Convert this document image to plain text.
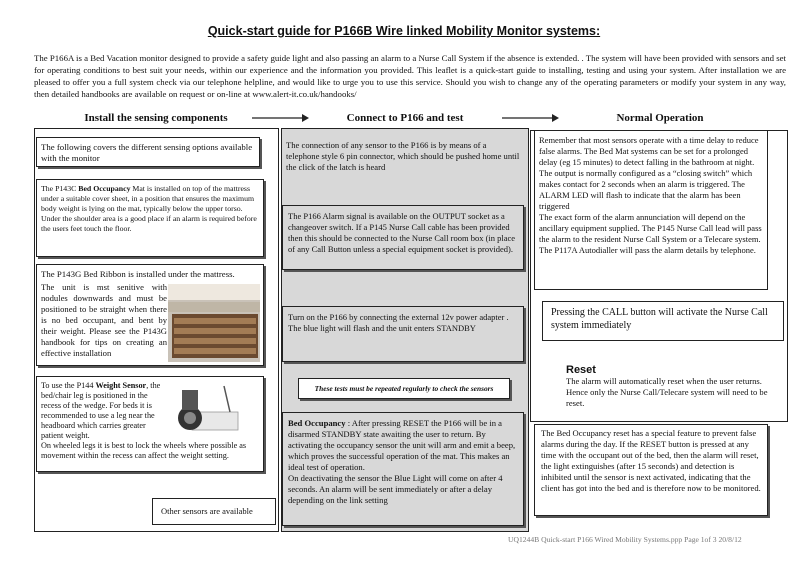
Quick-start guide for P166B Wire linked Mobility Monitor systems:
The P166A is a Bed Vacation monitor designed to provide a safety guide light and also passing an alarm to a Nurse Call System if the absence is extended. . The system will have been provided with sensors and set for operating conditions to best suit your needs, within our experience and the information you provided. This leaflet is a quick-start guide to installing, testing and using your system. After installation we are pleased to offer you a full system check via our telephone helpline, and would like to urge you to use this service. Should you wish to change any of the operating parameters or modify your system in any way, then detailed handbooks are available on request or on-line at www.alert-it.co.uk/handooks/
Install the sensing components	Connect to P166 and test	Normal Operation
The following covers the different sensing options available with the monitor
The P143C Bed Occupancy Mat is installed on top of the mattress under a suitable cover sheet, in a position that ensures the maximum body weight is lying on the mat, typically below the upper torso. Under the shoulder area is a good place if an alarm is required before the users feet touch the floor.
The P143G Bed Ribbon is installed under the mattress.
The unit is mst senitive with nodules downwards and must be positioned to be straight when there is no bed occupant, and bent by their weight. Please see the P143G handbook for tips on creating an effective installation
To use the P144 Weight Sensor, the bed/chair leg is positioned in the recess of the wedge. For beds it is recommended to use a leg near the headboard which carries greater patient weight.
On wheeled legs it is best to lock the wheels where possible as movement within the recess can affect the weight setting.
Other sensors are available
The connection of any sensor to the P166 is by means of a telephone style 6 pin connector, which should be pushed home until the click of the latch is heard
The P166 Alarm signal is available on the OUTPUT socket as a changeover switch. If a P145 Nurse Call cable has been provided then this should be connected to the Nurse Call room box (in place of any Call Button unless a special equipment socket is provided).
Turn on the P166 by connecting the external 12v power adapter . The blue light will flash and the unit enters STANDBY
These tests must be repeated regularly to check the sensors
Bed Occupancy : After pressing RESET the P166 will be in a disarmed STANDBY state awaiting the user to return. By activating the occupancy sensor the unit will arm and emit a beep, which proves the successful operation of the mat. This makes an ideal test of operation.
On deactivating the sensor the Blue Light will come on after 4 seconds. An alarm will be sent immediately or after a delay depending on the link setting
Remember that most sensors operate with a time delay to reduce false alarms. The Bed Mat systems can be set for a prolonged delay (eg 15 minutes) to detect falling in the bathroom at night.
The output is normally configured as a “closing switch” which makes contact for 2 seconds when an alarm is triggered. The ALARM LED will flash to indicate that the alarm has been triggered
The exact form of the alarm annunciation will depend on the ancillary equipment supplied. The P145 Nurse Call lead will pass the alarm to the resident Nurse Call System or a Telecare system. The P117A Autodialler will pass the alarm details by telephone.
Pressing the CALL button will activate the Nurse Call system immediately
Reset
The alarm will automatically reset when the user returns. Hence only the Nurse Call/Telecare system will need to be reset.
The Bed Occupancy reset has a special feature to prevent false alarms during the day. If the RESET button is pressed at any time with the occupant out of the bed, then the alarm will reset, the light extinguishes (after 15 seconds) and detection is inhibited until the sensor is next activated, indicating that the client has got into the bed and is therefore now to be monitored.
UQ1244B Quick-start P166 Wired Mobility Systems.ppp Page 1of 3 20/8/12
